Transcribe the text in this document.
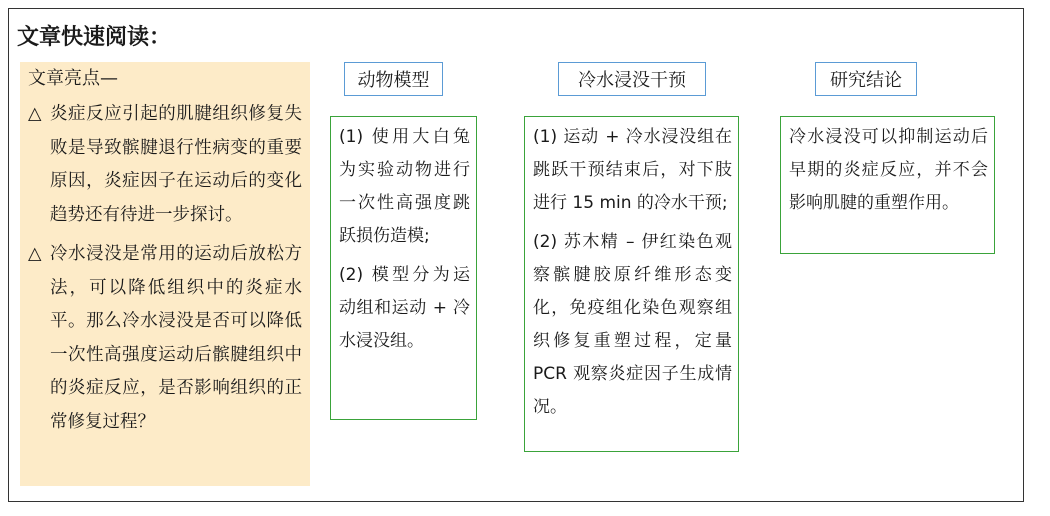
文章快速阅读：
文章亮点—
△ 炎症反应引起的肌腱组织修复失败是导致髌腱退行性病变的重要原因，炎症因子在运动后的变化趋势还有待进一步探讨。
△ 冷水浸没是常用的运动后放松方法，可以降低组织中的炎症水平。那么冷水浸没是否可以降低一次性高强度运动后髌腱组织中的炎症反应，是否影响组织的正常修复过程？
动物模型

(1) 使用大白兔为实验动物进行一次性高强度跳跃损伤造模;

(2) 模型分为运动组和运动 + 冷水浸没组。

冷水浸没干预

(1) 运动 + 冷水浸没组在跳跃干预结束后，对下肢进行 15 min 的冷水干预;

(2) 苏木精 – 伊红染色观察髌腱胶原纤维形态变化，免疫组化染色观察组织修复重塑过程，定量 PCR 观察炎症因子生成情况。

研究结论

冷水浸没可以抑制运动后早期的炎症反应，并不会影响肌腱的重塑作用。
